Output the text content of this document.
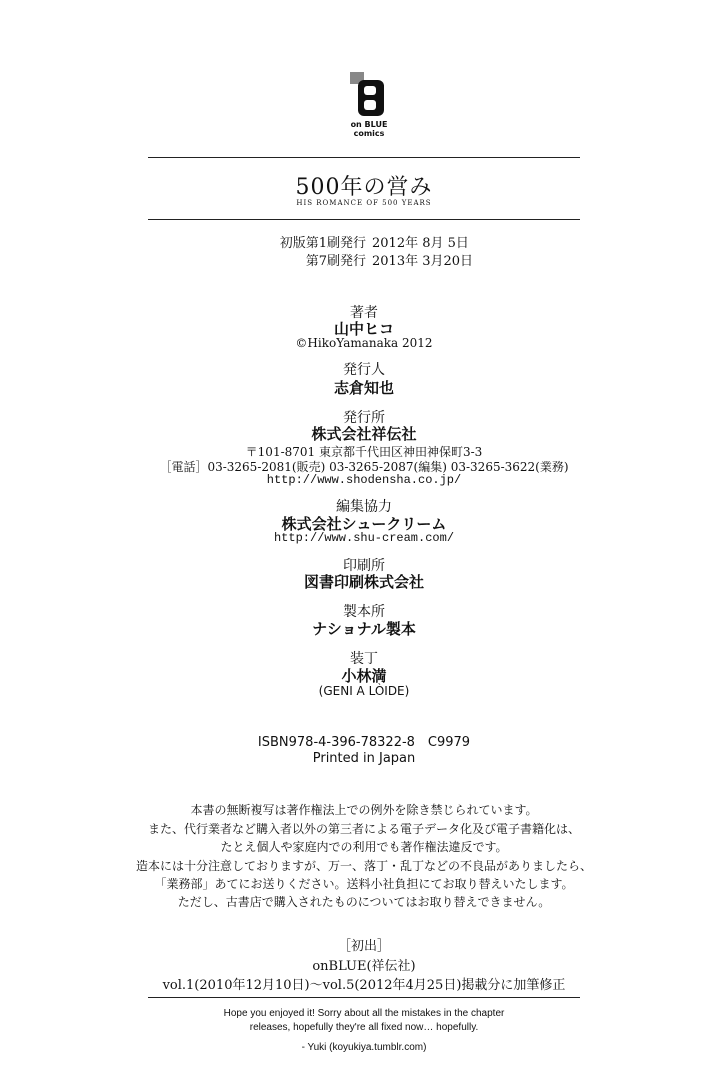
on BLUE
comics
500年の営み
HIS ROMANCE OF 500 YEARS
初版第1刷発行 2012年 8月 5日
第7刷発行 2013年 3月20日
著者
山中ヒコ
©HikoYamanaka 2012
発行人
志倉知也
発行所
株式会社祥伝社
〒101-8701 東京都千代田区神田神保町3-3
［電話］03-3265-2081(販売) 03-3265-2087(編集) 03-3265-3622(業務)
http://www.shodensha.co.jp/
編集協力
株式会社シュークリーム
http://www.shu-cream.com/
印刷所
図書印刷株式会社
製本所
ナショナル製本
装丁
小林満
(GENI A LÒIDE)
ISBN978-4-396-78322-8　C9979
Printed in Japan
本書の無断複写は著作権法上での例外を除き禁じられています。
また、代行業者など購入者以外の第三者による電子データ化及び電子書籍化は、
たとえ個人や家庭内での利用でも著作権法違反です。
造本には十分注意しておりますが、万一、落丁・乱丁などの不良品がありましたら、
「業務部」あてにお送りください。送料小社負担にてお取り替えいたします。
ただし、古書店で購入されたものについてはお取り替えできません。
［初出］
onBLUE(祥伝社)
vol.1(2010年12月10日)～vol.5(2012年4月25日)掲載分に加筆修正
Hope you enjoyed it! Sorry about all the mistakes in the chapter
releases, hopefully they're all fixed now… hopefully.
- Yuki (koyukiya.tumblr.com)
